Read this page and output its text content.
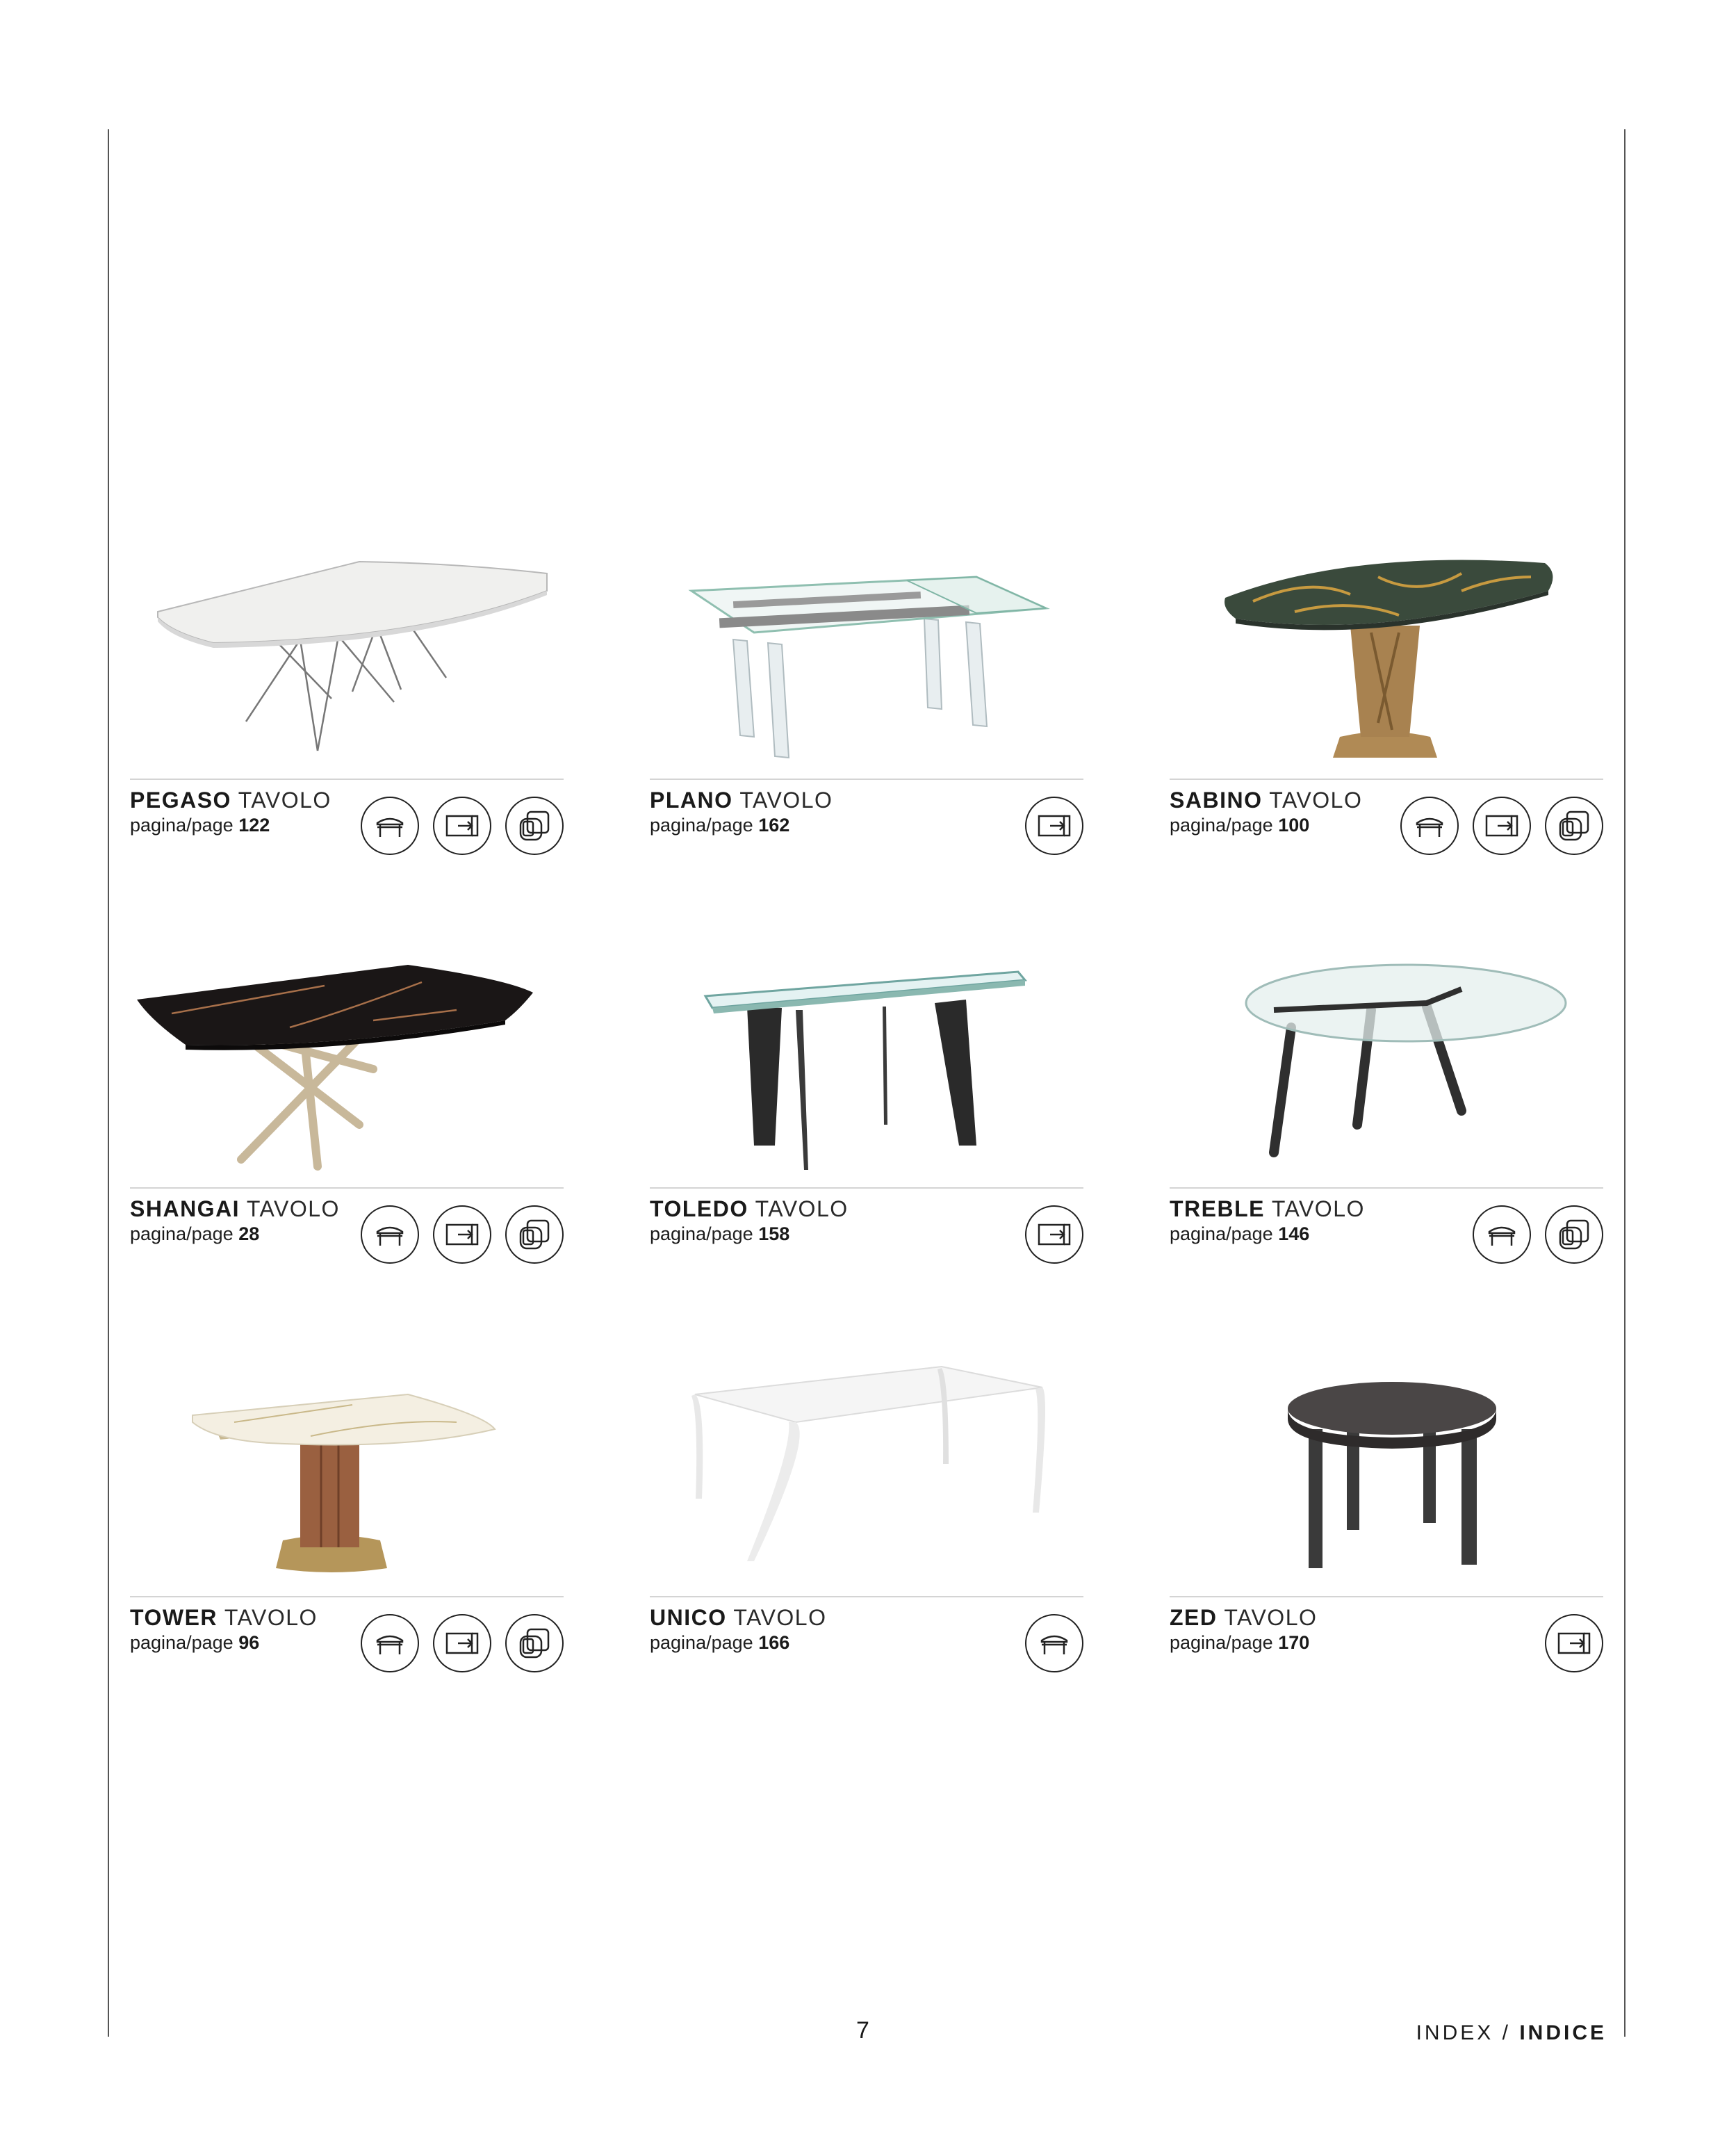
PEGASO TAVOLO
pagina/page 122
PLANO TAVOLO
pagina/page 162
SABINO TAVOLO
pagina/page 100
SHANGAI TAVOLO
pagina/page 28
TOLEDO TAVOLO
pagina/page 158
TREBLE TAVOLO
pagina/page 146
TOWER TAVOLO
pagina/page 96
UNICO TAVOLO
pagina/page 166
ZED TAVOLO
pagina/page 170
7	INDEX / INDICE
